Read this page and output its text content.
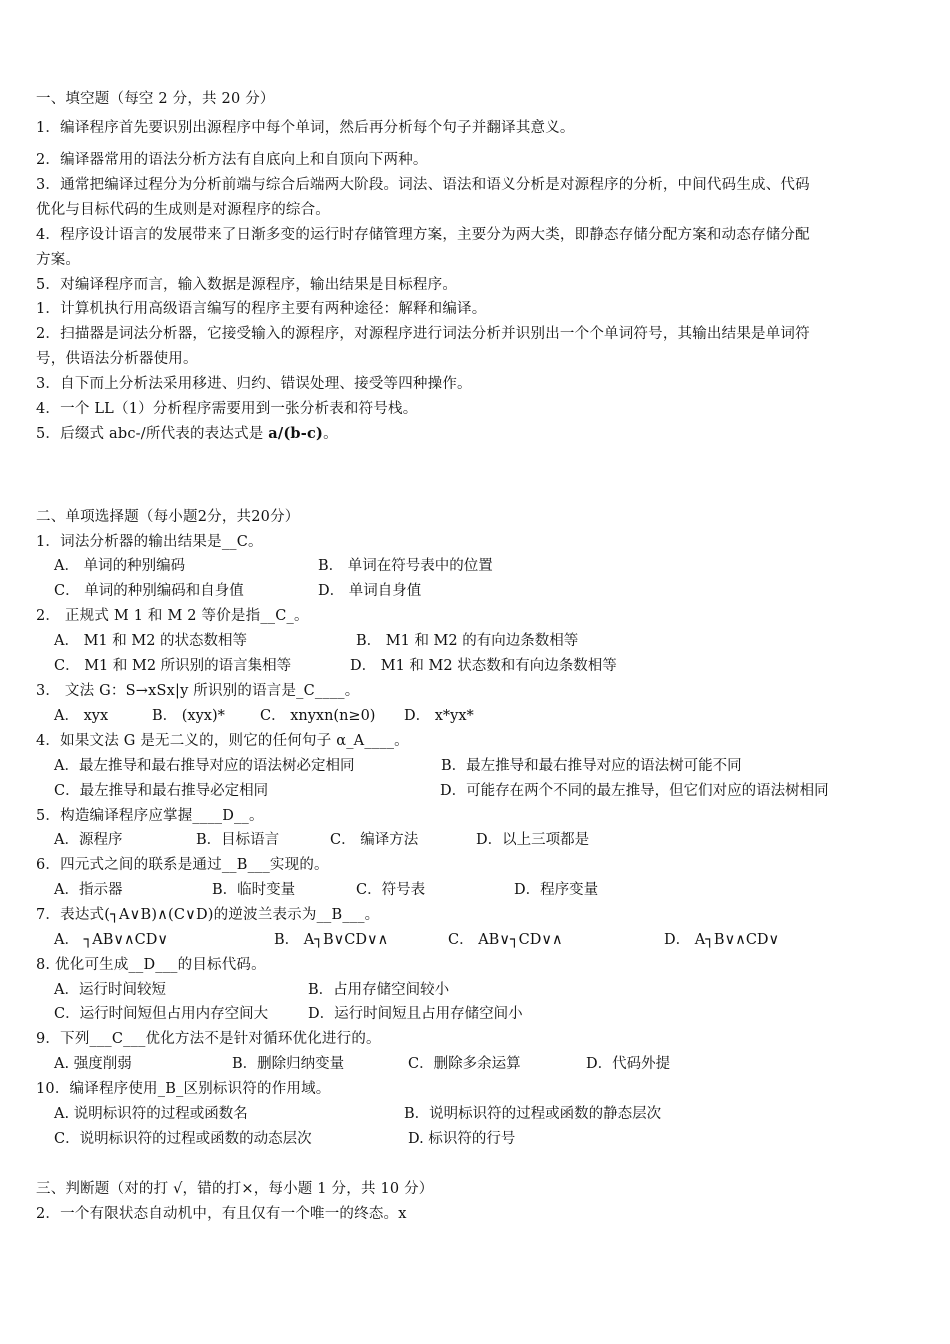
一、填空题（每空 2 分，共 20 分）
1．编译程序首先要识别出源程序中每个单词，然后再分析每个句子并翻译其意义。
2．编译器常用的语法分析方法有自底向上和自顶向下两种。
3．通常把编译过程分为分析前端与综合后端两大阶段。词法、语法和语义分析是对源程序的分析，中间代码生成、代码
优化与目标代码的生成则是对源程序的综合。
4．程序设计语言的发展带来了日渐多变的运行时存储管理方案，主要分为两大类，即静态存储分配方案和动态存储分配
方案。
5．对编译程序而言，输入数据是源程序，输出结果是目标程序。
1．计算机执行用高级语言编写的程序主要有两种途径：解释和编译。
2．扫描器是词法分析器，它接受输入的源程序，对源程序进行词法分析并识别出一个个单词符号，其输出结果是单词符
号，供语法分析器使用。
3．自下而上分析法采用移进、归约、错误处理、接受等四种操作。
4．一个 LL（1）分析程序需要用到一张分析表和符号栈。
5．后缀式 abc-/所代表的表达式是 a/(b-c)。
二、单项选择题（每小题2分，共20分）
1．词法分析器的输出结果是__C。
A． 单词的种别编码	B． 单词在符号表中的位置
C． 单词的种别编码和自身值	D． 单词自身值
2． 正规式 M 1 和 M 2 等价是指__C_。
A． M1 和 M2 的状态数相等	B． M1 和 M2 的有向边条数相等
C． M1 和 M2 所识别的语言集相等	D． M1 和 M2 状态数和有向边条数相等
3． 文法 G：S→xSx|y 所识别的语言是_C____。
A． xyx	B． (xyx)* C． xnyxn(n≥0) D． x*yx*
4．如果文法 G 是无二义的，则它的任何句子 α_A____。
A．最左推导和最右推导对应的语法树必定相同	B．最左推导和最右推导对应的语法树可能不同
C．最左推导和最右推导必定相同	D．可能存在两个不同的最左推导，但它们对应的语法树相同
5．构造编译程序应掌握____D__。
A．源程序	B．目标语言	C． 编译方法	D．以上三项都是
6．四元式之间的联系是通过__B___实现的。
A．指示器	B．临时变量	C．符号表	D．程序变量
7．表达式(┐A∨B)∧(C∨D)的逆波兰表示为__B___。
A． ┐AB∨∧CD∨	B． A┐B∨CD∨∧	C． AB∨┐CD∨∧	D． A┐B∨∧CD∨
8. 优化可生成__D___的目标代码。
A．运行时间较短	B．占用存储空间较小
C．运行时间短但占用内存空间大	D．运行时间短且占用存储空间小
9．下列___C___优化方法不是针对循环优化进行的。
A. 强度削弱	B．删除归纳变量	C．删除多余运算	D．代码外提
10．编译程序使用_B_区别标识符的作用域。
A. 说明标识符的过程或函数名	B．说明标识符的过程或函数的静态层次
C．说明标识符的过程或函数的动态层次	D. 标识符的行号
三、判断题（对的打 √，错的打×，每小题 1 分，共 10 分）
2．一个有限状态自动机中，有且仅有一个唯一的终态。x
